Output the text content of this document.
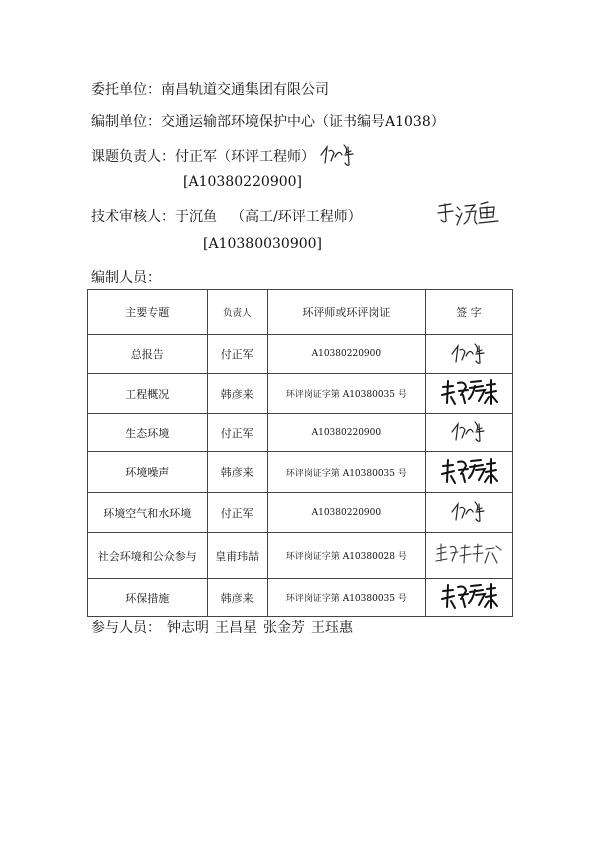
委托单位：南昌轨道交通集团有限公司
编制单位：交通运输部环境保护中心（证书编号A1038）
课题负责人：付正军（环评工程师）
[A10380220900]
技术审核人：于沉鱼 （高工/环评工程师）
[A10380030900]
编制人员：
主要专题	负责人	环评师或环评岗证	签 字
总报告	付正军	A10380220900	
工程概况	韩彦来	环评岗证字第 A10380035 号	
生态环境	付正军	A10380220900	
环境噪声	韩彦来	环评岗证字第 A10380035 号	
环境空气和水环境	付正军	A10380220900	
社会环境和公众参与	皇甫玮喆	环评岗证字第 A10380028 号	
环保措施	韩彦来	环评岗证字第 A10380035 号	
参与人员： 钟志明 王昌星 张金芳 王珏惠
